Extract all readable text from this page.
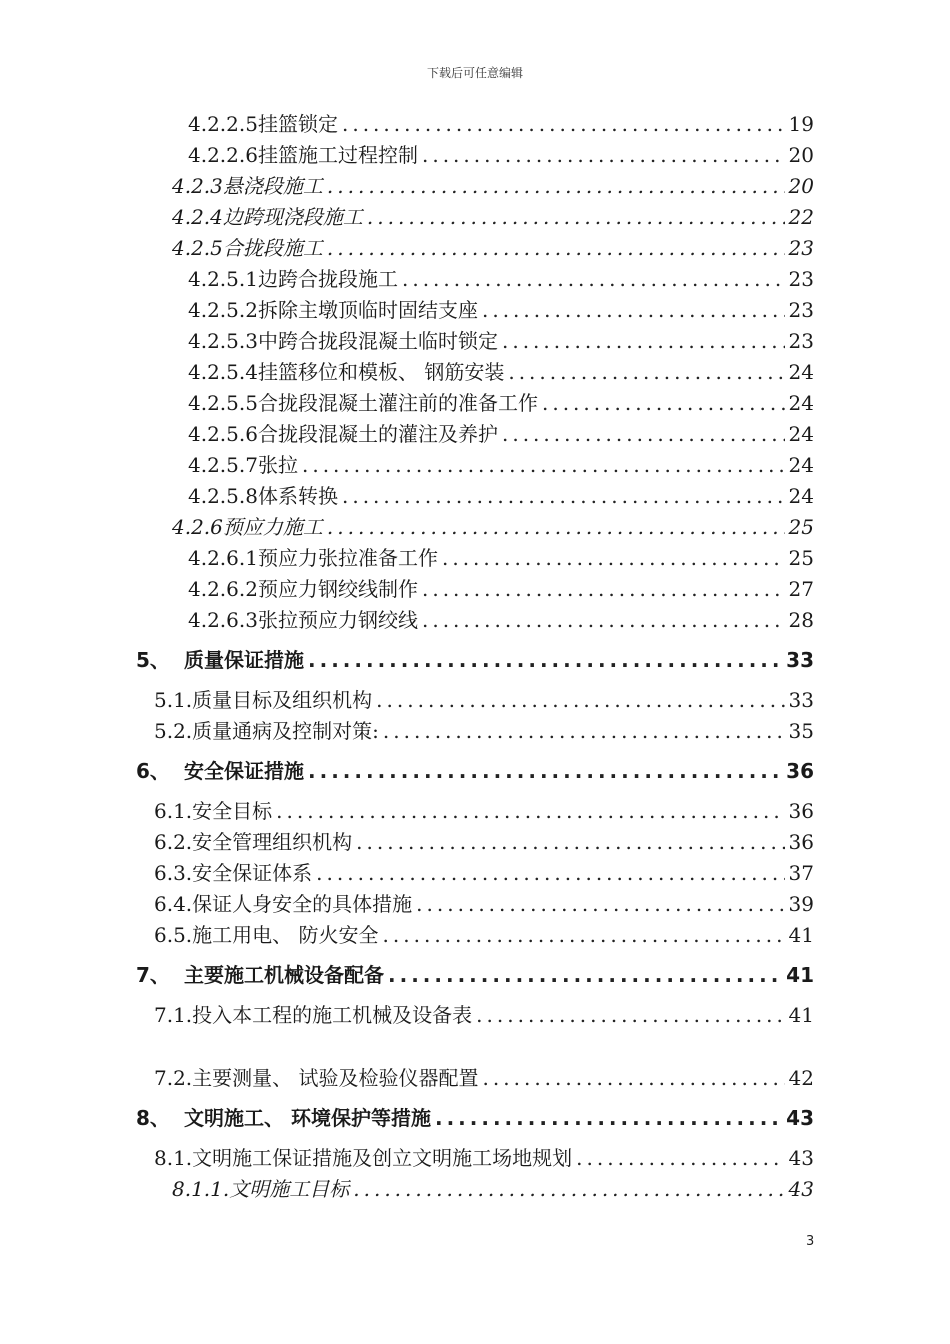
下载后可任意编辑
4.2.2.5 挂篮锁定 .....	19
4.2.2.6 挂篮施工过程控制 .....	20
4.2.3 悬浇段施工 .....	20
4.2.4 边跨现浇段施工 .....	22
4.2.5 合拢段施工 .....	23
4.2.5.1 边跨合拢段施工 .....	23
4.2.5.2 拆除主墩顶临时固结支座 .....	23
4.2.5.3 中跨合拢段混凝土临时锁定 .....	23
4.2.5.4 挂篮移位和模板、 钢筋安装 .....	24
4.2.5.5 合拢段混凝土灌注前的准备工作 .....	24
4.2.5.6 合拢段混凝土的灌注及养护 .....	24
4.2.5.7 张拉 .....	24
4.2.5.8 体系转换 .....	24
4.2.6 预应力施工 .....	25
4.2.6.1 预应力张拉准备工作 .....	25
4.2.6.2 预应力钢绞线制作 .....	27
4.2.6.3 张拉预应力钢绞线 .....	28
5、 质量保证措施 .....	33
5.1. 质量目标及组织机构 .....	33
5.2. 质量通病及控制对策: .....	35
6、 安全保证措施 .....	36
6.1. 安全目标 .....	36
6.2. 安全管理组织机构 .....	36
6.3. 安全保证体系 .....	37
6.4. 保证人身安全的具体措施 .....	39
6.5. 施工用电、 防火安全 .....	41
7、 主要施工机械设备配备 .....	41
7.1. 投入本工程的施工机械及设备表 .....	41
7.2. 主要测量、 试验及检验仪器配置 .....	42
8、 文明施工、 环境保护等措施 .....	43
8.1. 文明施工保证措施及创立文明施工场地规划 .....	43
8.1.1. 文明施工目标 .....	43
3
